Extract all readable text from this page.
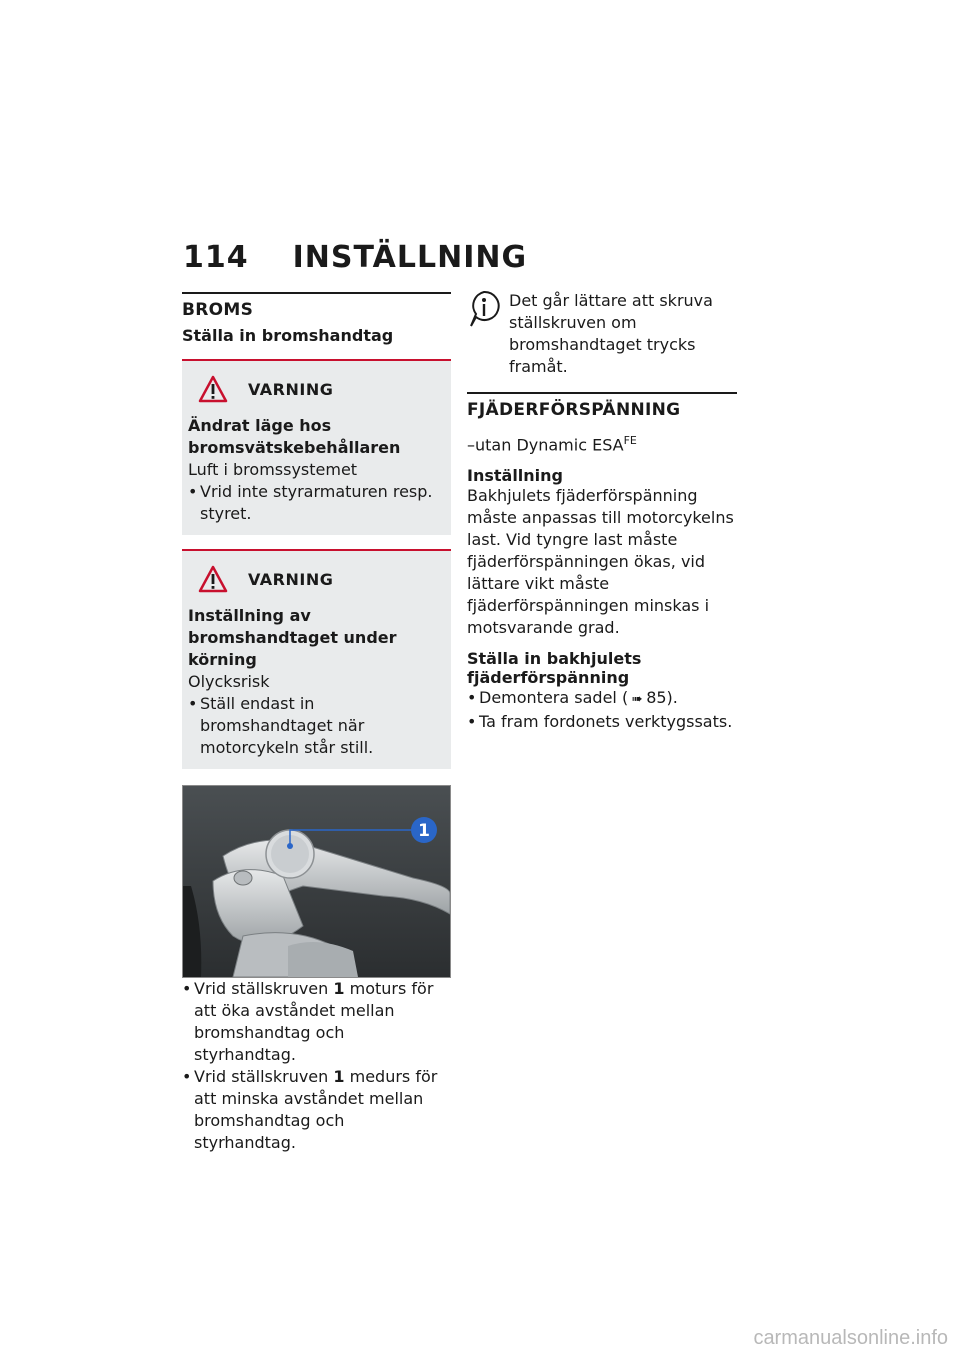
114 INSTÄLLNING
BROMS
Ställa in bromshandtag
VARNING
Ändrat läge hos bromsvätskebehållaren
Luft i bromssystemet
• Vrid inte styrarmaturen resp. styret.
VARNING
Inställning av bromshandtaget under körning
Olycksrisk
• Ställ endast in bromshandtaget när motorcykeln står still.
1
• Vrid ställskruven 1 moturs för att öka avståndet mellan bromshandtag och styrhandtag.
• Vrid ställskruven 1 medurs för att minska avståndet mellan bromshandtag och styrhandtag.
Det går lättare att skruva ställskruven om bromshandtaget trycks framåt.
FJÄDERFÖRSPÄNNING
–utan Dynamic $ESA^{FE}$
Inställning
Bakhjulets fjäderförspänning måste anpassas till motorcykelns last. Vid tyngre last måste fjäderförspänningen ökas, vid lättare vikt måste fjäderförspänningen minskas i motsvarande grad.
Ställa in bakhjulets fjäderförspänning
• Demontera sadel ( ➠ 85).
• Ta fram fordonets verktygssats.
carmanualsonline.info
